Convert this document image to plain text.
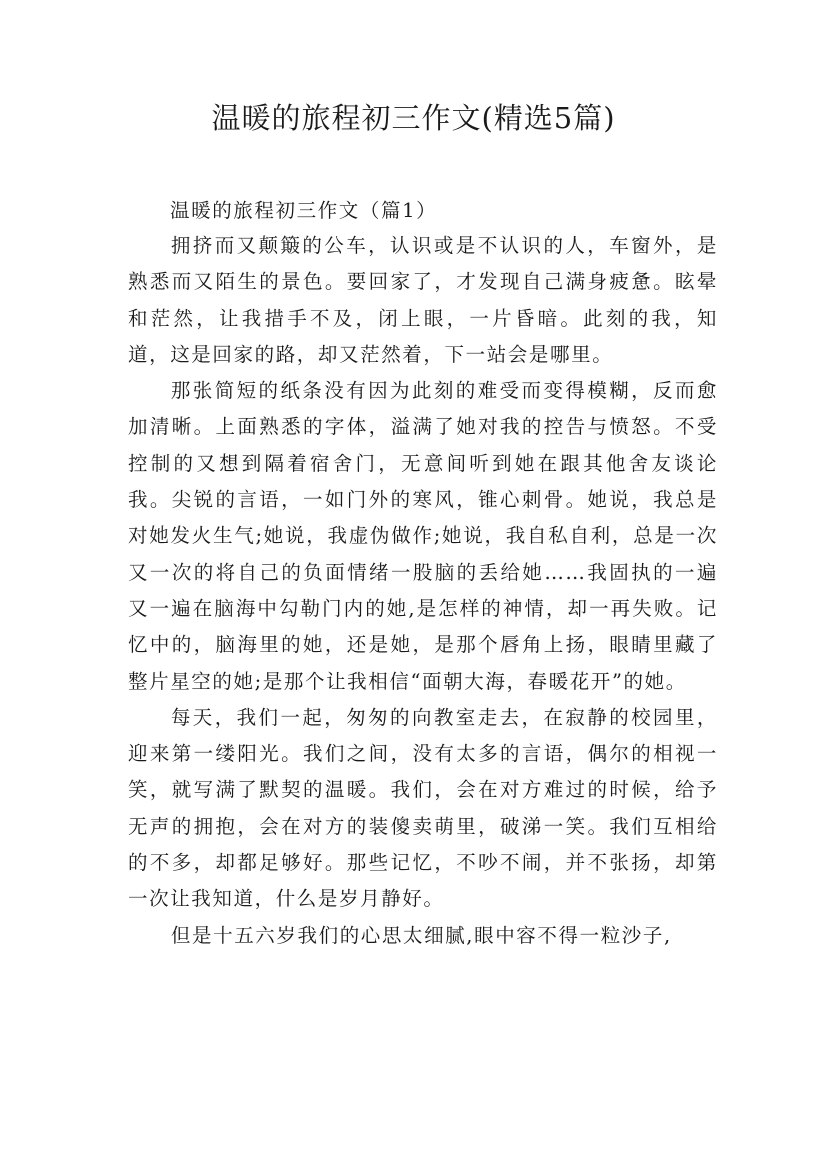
温暖的旅程初三作文(精选5篇)
温暖的旅程初三作文（篇1）

拥挤而又颠簸的公车，认识或是不认识的人，车窗外，是熟悉而又陌生的景色。要回家了，才发现自己满身疲惫。眩晕和茫然，让我措手不及，闭上眼，一片昏暗。此刻的我，知道，这是回家的路，却又茫然着，下一站会是哪里。

那张简短的纸条没有因为此刻的难受而变得模糊，反而愈加清晰。上面熟悉的字体，溢满了她对我的控告与愤怒。不受控制的又想到隔着宿舍门，无意间听到她在跟其他舍友谈论我。尖锐的言语，一如门外的寒风，锥心刺骨。她说，我总是对她发火生气;她说，我虚伪做作;她说，我自私自利，总是一次又一次的将自己的负面情绪一股脑的丢给她……我固执的一遍又一遍在脑海中勾勒门内的她,是怎样的神情，却一再失败。记忆中的，脑海里的她，还是她，是那个唇角上扬，眼睛里藏了整片星空的她;是那个让我相信“面朝大海，春暖花开”的她。

每天，我们一起，匆匆的向教室走去，在寂静的校园里，迎来第一缕阳光。我们之间，没有太多的言语，偶尔的相视一笑，就写满了默契的温暖。我们，会在对方难过的时候，给予无声的拥抱，会在对方的装傻卖萌里，破涕一笑。我们互相给的不多，却都足够好。那些记忆，不吵不闹，并不张扬，却第一次让我知道，什么是岁月静好。

但是十五六岁我们的心思太细腻,眼中容不得一粒沙子,
